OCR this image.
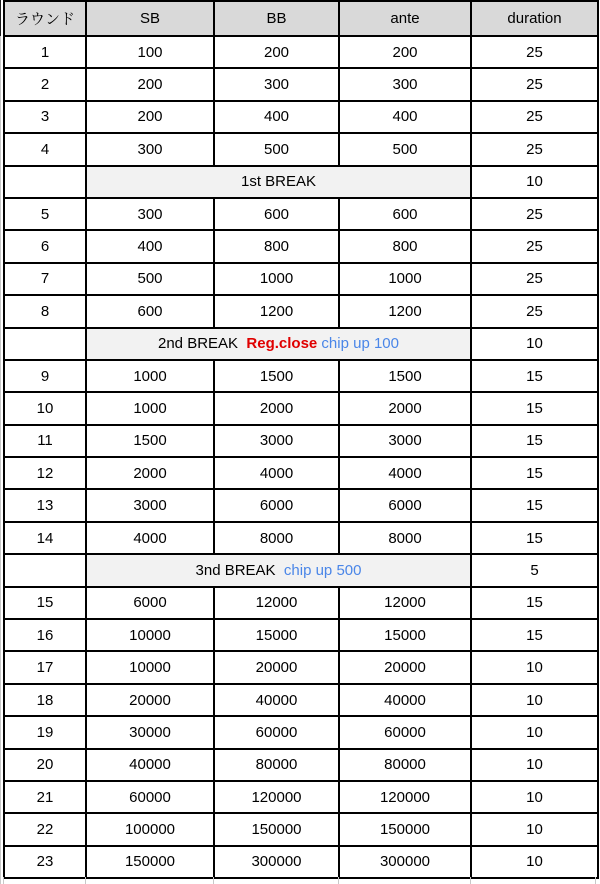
ラウンド	SB	BB	ante	duration
1	100	200	200	25
2	200	300	300	25
3	200	400	400	25
4	300	500	500	25
	1st BREAK			10
5	300	600	600	25
6	400	800	800	25
7	500	1000	1000	25
8	600	1200	1200	25
	2nd BREAK  Reg.close chip up 100			10
9	1000	1500	1500	15
10	1000	2000	2000	15
11	1500	3000	3000	15
12	2000	4000	4000	15
13	3000	6000	6000	15
14	4000	8000	8000	15
	3nd BREAK  chip up 500			5
15	6000	12000	12000	15
16	10000	15000	15000	15
17	10000	20000	20000	10
18	20000	40000	40000	10
19	30000	60000	60000	10
20	40000	80000	80000	10
21	60000	120000	120000	10
22	100000	150000	150000	10
23	150000	300000	300000	10
